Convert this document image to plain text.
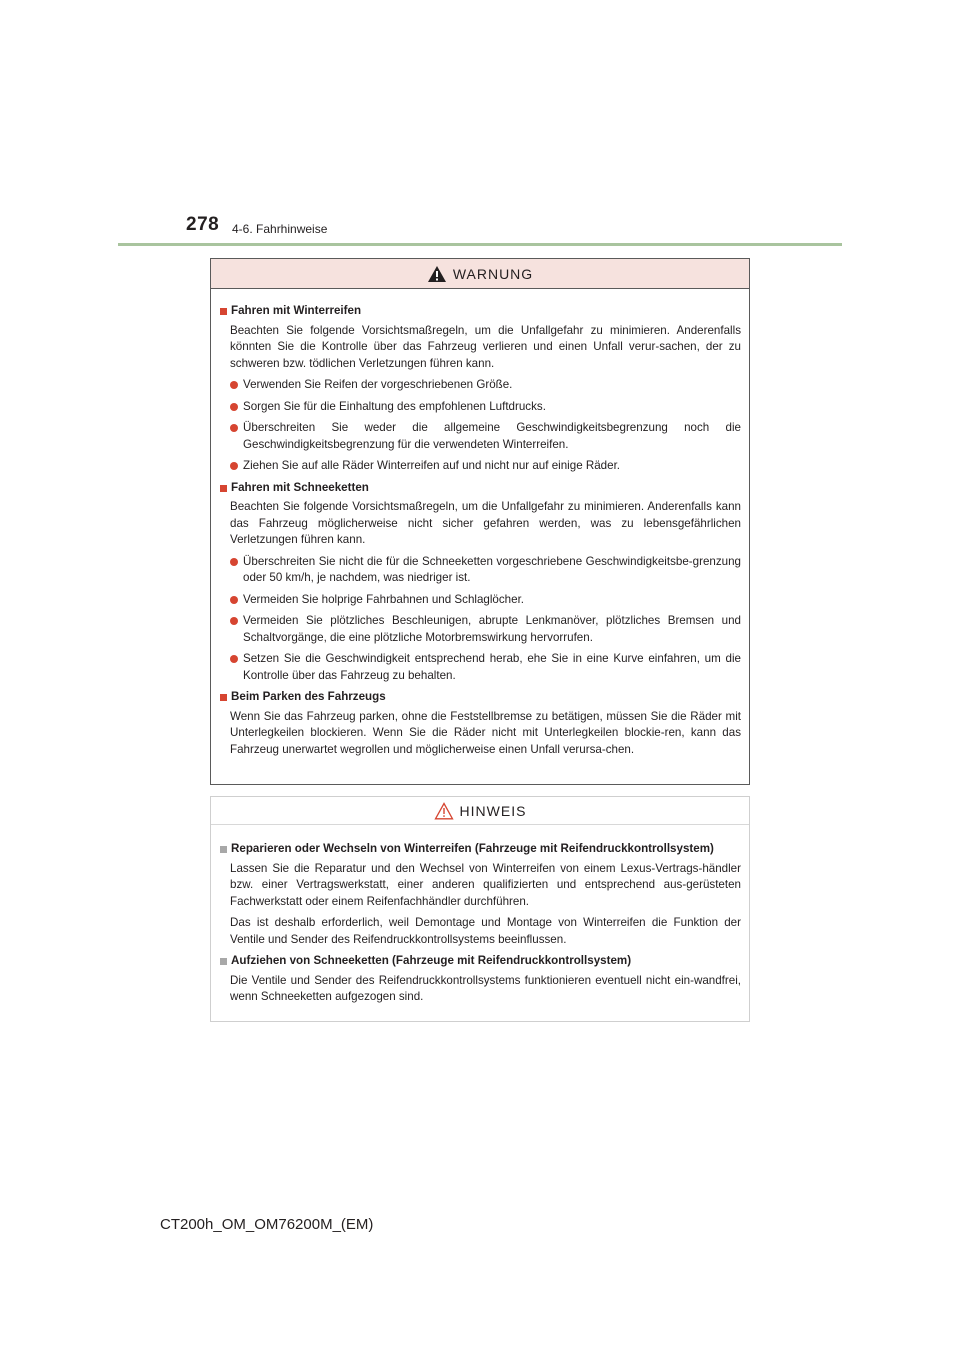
278 4-6. Fahrhinweise
WARNUNG
Fahren mit Winterreifen

Beachten Sie folgende Vorsichtsmaßregeln, um die Unfallgefahr zu minimieren. Anderenfalls könnten Sie die Kontrolle über das Fahrzeug verlieren und einen Unfall verur-sachen, der zu schweren bzw. tödlichen Verletzungen führen kann.

Verwenden Sie Reifen der vorgeschriebenen Größe.
Sorgen Sie für die Einhaltung des empfohlenen Luftdrucks.
Überschreiten Sie weder die allgemeine Geschwindigkeitsbegrenzung noch die Geschwindigkeitsbegrenzung für die verwendeten Winterreifen.
Ziehen Sie auf alle Räder Winterreifen auf und nicht nur auf einige Räder.
Fahren mit Schneeketten

Beachten Sie folgende Vorsichtsmaßregeln, um die Unfallgefahr zu minimieren. Anderenfalls kann das Fahrzeug möglicherweise nicht sicher gefahren werden, was zu lebensgefährlichen Verletzungen führen kann.

Überschreiten Sie nicht die für die Schneeketten vorgeschriebene Geschwindigkeitsbe-grenzung oder 50 km/h, je nachdem, was niedriger ist.
Vermeiden Sie holprige Fahrbahnen und Schlaglöcher.
Vermeiden Sie plötzliches Beschleunigen, abrupte Lenkmanöver, plötzliches Bremsen und Schaltvorgänge, die eine plötzliche Motorbremswirkung hervorrufen.
Setzen Sie die Geschwindigkeit entsprechend herab, ehe Sie in eine Kurve einfahren, um die Kontrolle über das Fahrzeug zu behalten.
Beim Parken des Fahrzeugs

Wenn Sie das Fahrzeug parken, ohne die Feststellbremse zu betätigen, müssen Sie die Räder mit Unterlegkeilen blockieren. Wenn Sie die Räder nicht mit Unterlegkeilen blockie-ren, kann das Fahrzeug unerwartet wegrollen und möglicherweise einen Unfall verursa-chen.

HINWEIS
Reparieren oder Wechseln von Winterreifen (Fahrzeuge mit Reifendruckkontrollsystem)

Lassen Sie die Reparatur und den Wechsel von Winterreifen von einem Lexus-Vertrags-händler bzw. einer Vertragswerkstatt, einer anderen qualifizierten und entsprechend aus-gerüsteten Fachwerkstatt oder einem Reifenfachhändler durchführen.

Das ist deshalb erforderlich, weil Demontage und Montage von Winterreifen die Funktion der Ventile und Sender des Reifendruckkontrollsystems beeinflussen.

Aufziehen von Schneeketten (Fahrzeuge mit Reifendruckkontrollsystem)

Die Ventile und Sender des Reifendruckkontrollsystems funktionieren eventuell nicht ein-wandfrei, wenn Schneeketten aufgezogen sind.

CT200h_OM_OM76200M_(EM)
